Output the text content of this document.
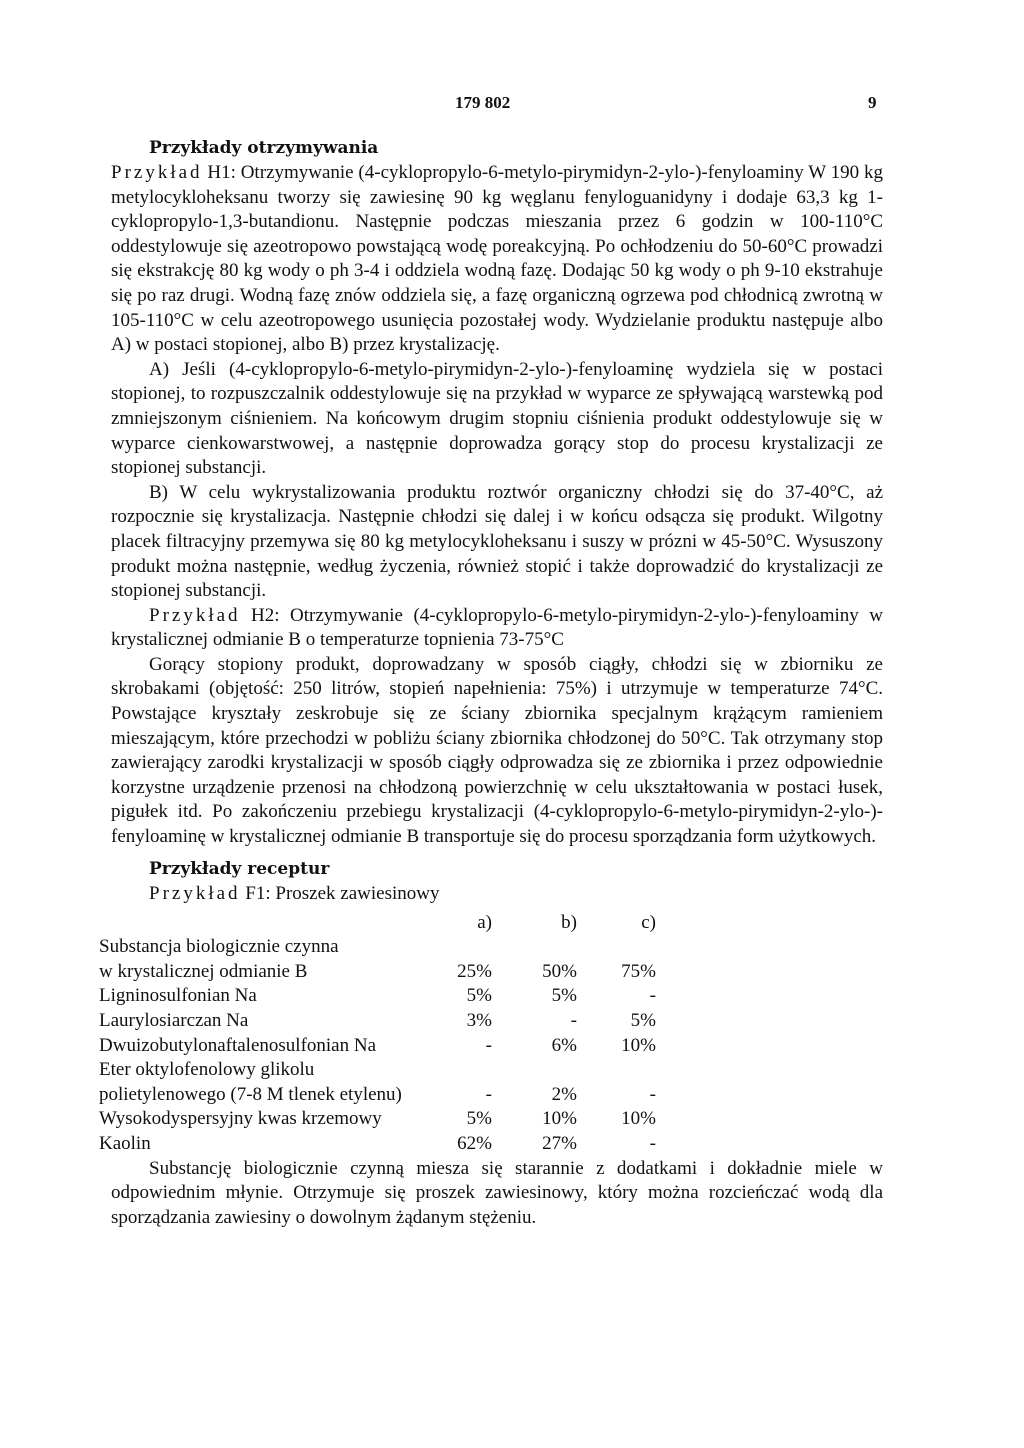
179 802	9
Przykłady otrzymywania

Przykład H1: Otrzymywanie (4-cyklopropylo-6-metylo-pirymidyn-2-ylo-)-fenyloaminy W 190 kg metylocykloheksanu tworzy się zawiesinę 90 kg węglanu fenyloguanidyny i dodaje 63,3 kg 1-cyklopropylo-1,3-butandionu. Następnie podczas mieszania przez 6 godzin w 100-110°C oddestylowuje się azeotropowo powstającą wodę poreakcyjną. Po ochłodzeniu do 50-60°C prowadzi się ekstrakcję 80 kg wody o ph 3-4 i oddziela wodną fazę. Dodając 50 kg wody o ph 9-10 ekstrahuje się po raz drugi. Wodną fazę znów oddziela się, a fazę organiczną ogrzewa pod chłodnicą zwrotną w 105-110°C w celu azeotropowego usunięcia pozostałej wody. Wydzielanie produktu następuje albo A) w postaci stopionej, albo B) przez krystalizację.

A) Jeśli (4-cyklopropylo-6-metylo-pirymidyn-2-ylo-)-fenyloaminę wydziela się w postaci stopionej, to rozpuszczalnik oddestylowuje się na przykład w wyparce ze spływającą warstewką pod zmniejszonym ciśnieniem. Na końcowym drugim stopniu ciśnienia produkt oddestylowuje się w wyparce cienkowarstwowej, a następnie doprowadza gorący stop do procesu krystalizacji ze stopionej substancji.

B) W celu wykrystalizowania produktu roztwór organiczny chłodzi się do 37-40°C, aż rozpocznie się krystalizacja. Następnie chłodzi się dalej i w końcu odsącza się produkt. Wilgotny placek filtracyjny przemywa się 80 kg metylocykloheksanu i suszy w prózni w 45-50°C. Wysuszony produkt można następnie, według życzenia, również stopić i także doprowadzić do krystalizacji ze stopionej substancji.

Przykład H2: Otrzymywanie (4-cyklopropylo-6-metylo-pirymidyn-2-ylo-)-fenyloaminy w krystalicznej odmianie B o temperaturze topnienia 73-75°C

Gorący stopiony produkt, doprowadzany w sposób ciągły, chłodzi się w zbiorniku ze skrobakami (objętość: 250 litrów, stopień napełnienia: 75%) i utrzymuje w temperaturze 74°C. Powstające kryształy zeskrobuje się ze ściany zbiornika specjalnym krążącym ramieniem mieszającym, które przechodzi w pobliżu ściany zbiornika chłodzonej do 50°C. Tak otrzymany stop zawierający zarodki krystalizacji w sposób ciągły odprowadza się ze zbiornika i przez odpowiednie korzystne urządzenie przenosi na chłodzoną powierzchnię w celu ukształtowania w postaci łusek, pigułek itd. Po zakończeniu przebiegu krystalizacji (4-cyklopropylo-6-metylo-pirymidyn-2-ylo-)-fenyloaminę w krystalicznej odmianie B transportuje się do procesu sporządzania form użytkowych.

Przykłady receptur
Przykład F1: Proszek zawiesinowy
	a)	b)	c)
Substancja biologicznie czynna			
w krystalicznej odmianie B	25%	50%	75%
Ligninosulfonian Na	5%	5%	-
Laurylosiarczan Na	3%	-	5%
Dwuizobutylonaftalenosulfonian Na	-	6%	10%
Eter oktylofenolowy glikolu			
polietylenowego (7-8 M tlenek etylenu)	-	2%	-
Wysokodyspersyjny kwas krzemowy	5%	10%	10%
Kaolin	62%	27%	-

Substancję biologicznie czynną miesza się starannie z dodatkami i dokładnie miele w odpowiednim młynie. Otrzymuje się proszek zawiesinowy, który można rozcieńczać wodą dla sporządzania zawiesiny o dowolnym żądanym stężeniu.
